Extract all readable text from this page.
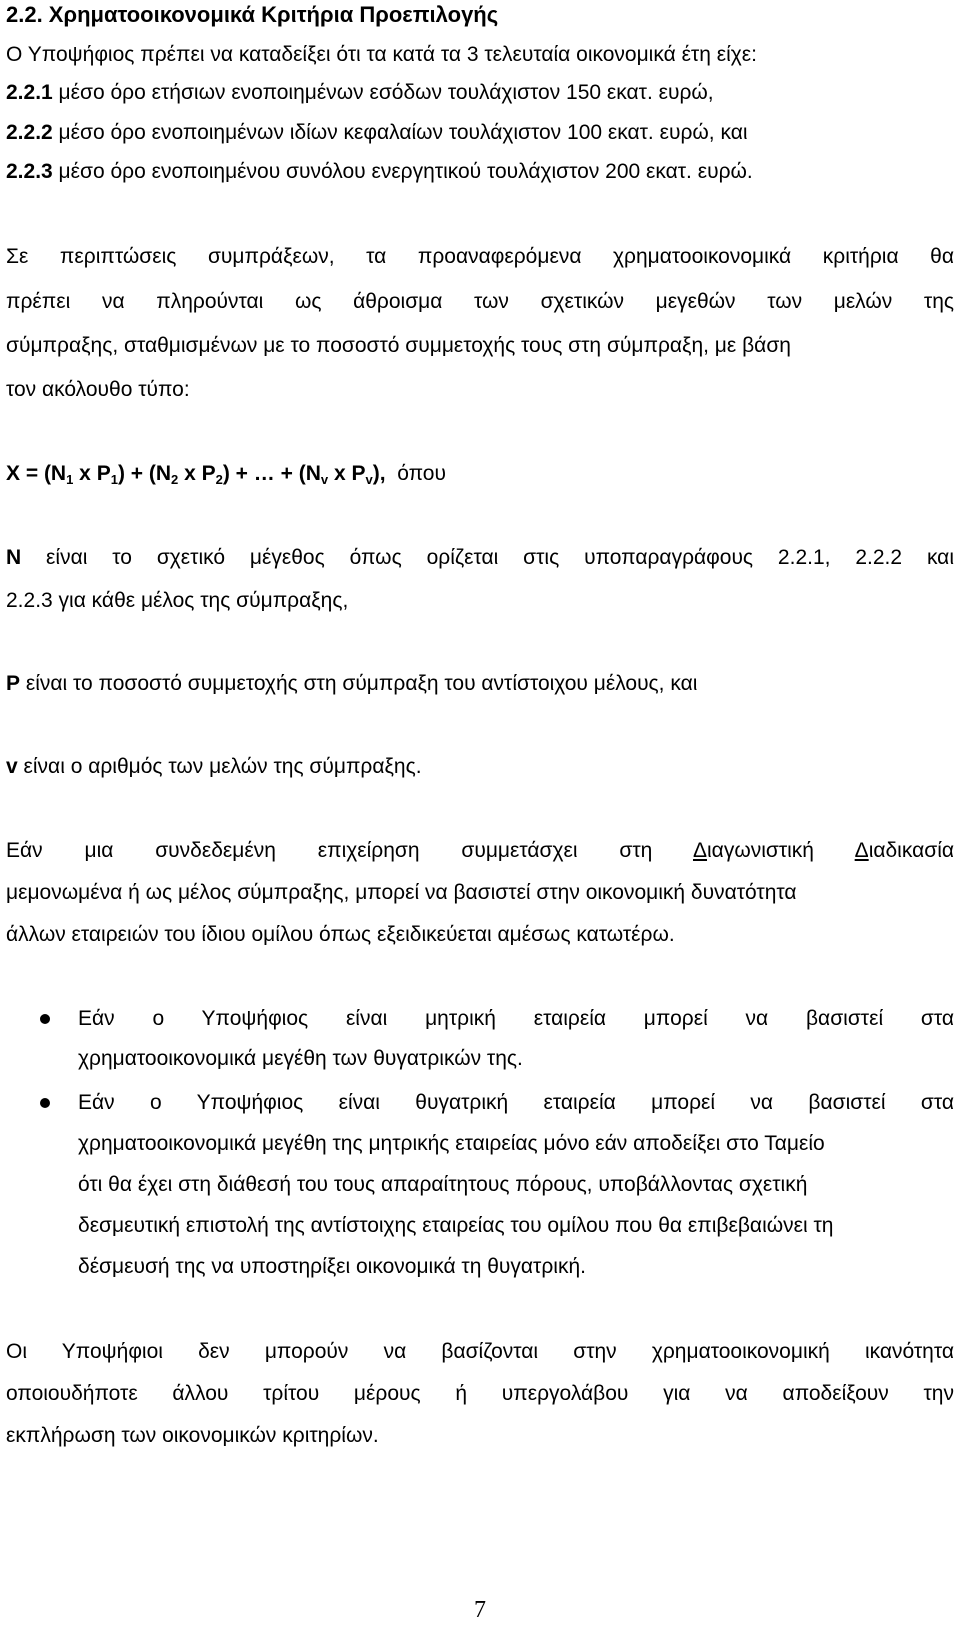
2.2. Χρηματοοικονομικά Κριτήρια Προεπιλογής
Ο Υποψήφιος πρέπει να καταδείξει ότι τα κατά τα 3 τελευταία οικονομικά έτη είχε:
2.2.1 μέσο όρο ετήσιων ενοποιημένων εσόδων τουλάχιστον 150 εκατ. ευρώ,
2.2.2 μέσο όρο ενοποιημένων ιδίων κεφαλαίων τουλάχιστον 100 εκατ. ευρώ, και
2.2.3 μέσο όρο ενοποιημένου συνόλου ενεργητικού τουλάχιστον 200 εκατ. ευρώ.
Σε περιπτώσεις συμπράξεων, τα προαναφερόμενα χρηματοοικονομικά κριτήρια θα
πρέπει να πληρούνται ως άθροισμα των σχετικών μεγεθών των μελών της
σύμπραξης, σταθμισμένων με το ποσοστό συμμετοχής τους στη σύμπραξη, με βάση
τον ακόλουθο τύπο:
$X = (N_1$ x $P_1) + (N_2$ x $P_2$) + … + ($N_v$ x $P_v$), όπου
N είναι το σχετικό μέγεθος όπως ορίζεται στις υποπαραγράφους 2.2.1, 2.2.2 και
2.2.3 για κάθε μέλος της σύμπραξης,
P είναι το ποσοστό συμμετοχής στη σύμπραξη του αντίστοιχου μέλους, και
v είναι ο αριθμός των μελών της σύμπραξης.
Εάν μια συνδεδεμένη επιχείρηση συμμετάσχει στη Διαγωνιστική Διαδικασία
μεμονωμένα ή ως μέλος σύμπραξης, μπορεί να βασιστεί στην οικονομική δυνατότητα
άλλων εταιρειών του ίδιου ομίλου όπως εξειδικεύεται αμέσως κατωτέρω.
Εάν ο Υποψήφιος είναι μητρική εταιρεία μπορεί να βασιστεί στα
χρηματοοικονομικά μεγέθη των θυγατρικών της.
Εάν ο Υποψήφιος είναι θυγατρική εταιρεία μπορεί να βασιστεί στα
χρηματοοικονομικά μεγέθη της μητρικής εταιρείας μόνο εάν αποδείξει στο Ταμείο
ότι θα έχει στη διάθεσή του τους απαραίτητους πόρους, υποβάλλοντας σχετική
δεσμευτική επιστολή της αντίστοιχης εταιρείας του ομίλου που θα επιβεβαιώνει τη
δέσμευσή της να υποστηρίξει οικονομικά τη θυγατρική.
Οι Υποψήφιοι δεν μπορούν να βασίζονται στην χρηματοοικονομική ικανότητα
οποιουδήποτε άλλου τρίτου μέρους ή υπεργολάβου για να αποδείξουν την
εκπλήρωση των οικονομικών κριτηρίων.
7
